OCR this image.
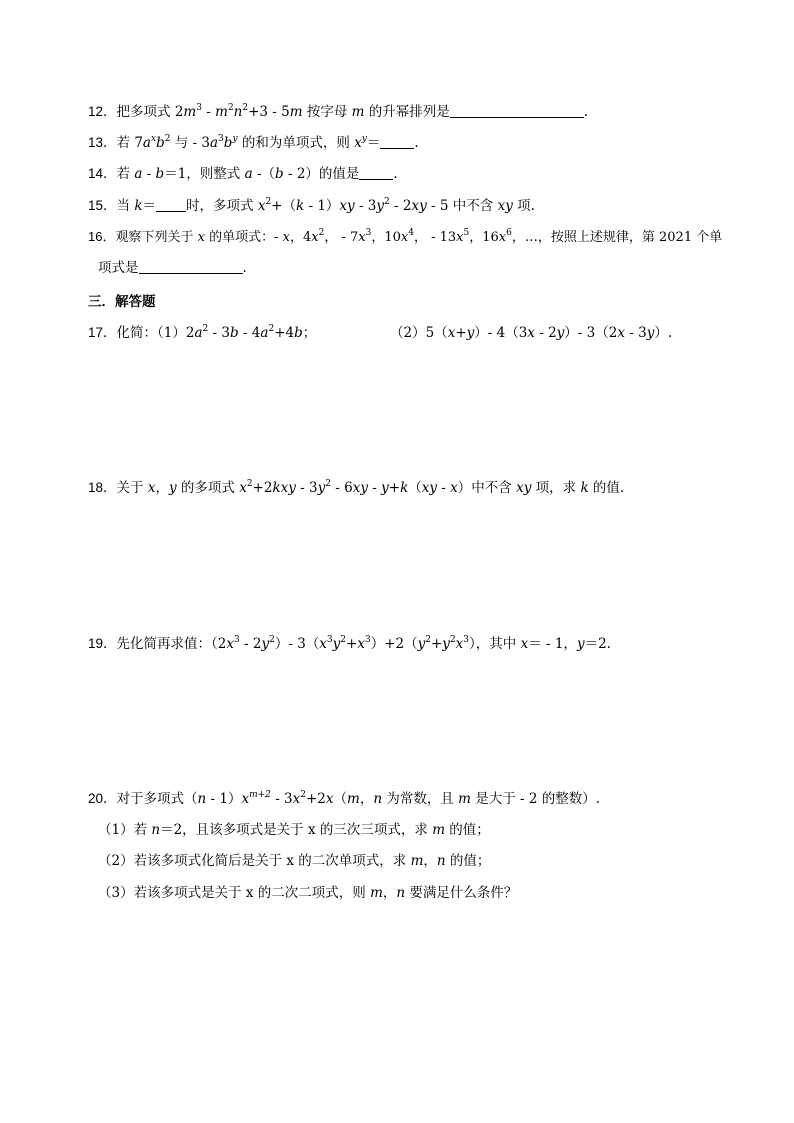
12．把多项式 $2m^3 - m^2n^2+3 - 5m$ 按字母 m 的升幂排列是	.
13．若 $7a^xb^2$ 与 - $3a^3b^y$ 的和为单项式，则 $x^y=$	.
14．若 a - b＝1，则整式 a -（b - 2）的值是	.
15．当 k＝ 时，多项式 $x^2+(k - 1)xy - 3y^2 - 2xy - 5$ 中不含 xy 项.
16．观察下列关于 x 的单项式：- x，$4x^2$， - $7x^3$，$10x^4$， - $13x^5$，$16x^6$，…，按照上述规律，第 2021 个单
项式是	.
三．解答题
17．化简：$(1)2a^2 - 3b - 4a^2+4b$；	（2）5（x+y）- 4（3x - 2y）- 3（2x - 3y）.
18．关于 x，y 的多项式 $x^2+2kxy - 3y^2 - 6xy - y+k(xy - x)$中不含 xy 项，求 k 的值.
19．先化简再求值：$(2x^3 - 2y^2)-$ $3(x^3y^2+x^3)+2(y^2+y^2x^3)$，其中 x＝ - 1，y＝2.
20．对于多项式$(n - 1)x^{m+2} - 3x^2+2x(m$，n 为常数，且 m 是大于 - 2 的整数）.
（1）若 n＝2，且该多项式是关于 x 的三次三项式，求 m 的值；
（2）若该多项式化简后是关于 x 的二次单项式，求 m，n 的值；
（3）若该多项式是关于 x 的二次二项式，则 m，n 要满足什么条件？
